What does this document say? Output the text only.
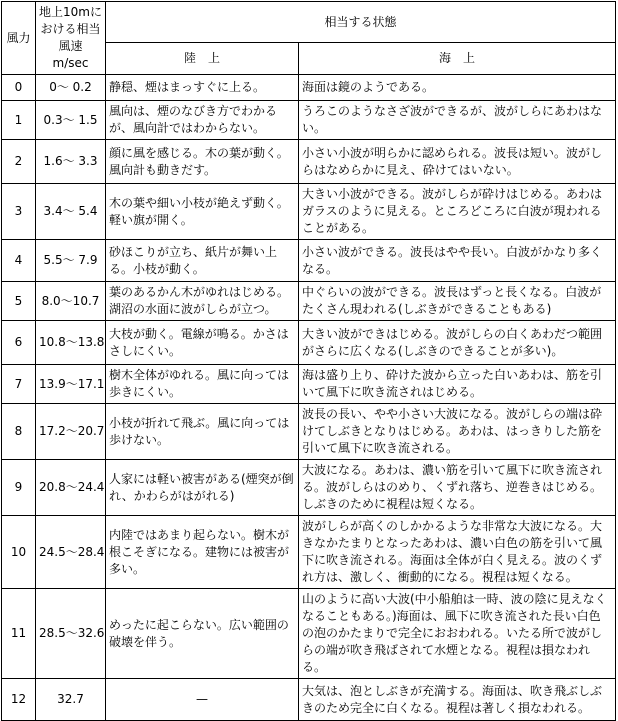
風力	地上10mにおける相当風速
m/sec	相当する状態	
		陸　上	海　上
0	0〜 0.2	静穏、煙はまっすぐに上る。	海面は鏡のようである。
1	0.3〜 1.5	風向は、煙のなびき方でわかるが、風向計ではわからない。	うろこのようなさざ波ができるが、波がしらにあわはない。
2	1.6〜 3.3	顔に風を感じる。木の葉が動く。風向計も動きだす。	小さい小波が明らかに認められる。波長は短い。波がしらはなめらかに見え、砕けてはいない。
3	3.4〜 5.4	木の葉や細い小枝が絶えず動く。軽い旗が開く。	大きい小波ができる。波がしらが砕けはじめる。あわはガラスのように見える。ところどころに白波が現われることがある。
4	5.5〜 7.9	砂ほこりが立ち、紙片が舞い上る。小枝が動く。	小さい波ができる。波長はやや長い。白波がかなり多くなる。
5	8.0〜10.7	葉のあるかん木がゆれはじめる。湖沼の水面に波がしらが立つ。	中ぐらいの波ができる。波長はずっと長くなる。白波がたくさん現われる(しぶきができることもある)
6	10.8〜13.8	大枝が動く。電線が鳴る。かさはさしにくい。	大きい波ができはじめる。波がしらの白くあわだつ範囲がさらに広くなる(しぶきのできることが多い)。
7	13.9〜17.1	樹木全体がゆれる。風に向っては歩きにくい。	海は盛り上り、砕けた波から立った白いあわは、筋を引いて風下に吹き流されはじめる。
8	17.2〜20.7	小枝が折れて飛ぶ。風に向っては歩けない。	波長の長い、やや小さい大波になる。波がしらの端は砕けてしぶきとなりはじめる。あわは、はっきりした筋を引いて風下に吹き流される。
9	20.8〜24.4	人家には軽い被害がある(煙突が倒れ、かわらがはがれる)	大波になる。あわは、濃い筋を引いて風下に吹き流される。波がしらはのめり、くずれ落ち、逆巻きはじめる。しぶきのために視程は短くなる。
10	24.5〜28.4	内陸ではあまり起らない。樹木が根こそぎになる。建物には被害が多い。	波がしらが高くのしかかるような非常な大波になる。大きなかたまりとなったあわは、濃い白色の筋を引いて風下に吹き流される。海面は全体が白く見える。波のくずれ方は、激しく、衝動的になる。視程は短くなる。
11	28.5〜32.6	めったに起こらない。広い範囲の破壊を伴う。	山のように高い大波(中小船舶は一時、波の陰に見えなくなることもある。)海面は、風下に吹き流された長い白色の泡のかたまりで完全におおわれる。いたる所で波がしらの端が吹き飛ばされて水煙となる。視程は損なわれる。
12	32.7	—	大気は、泡としぶきが充満する。海面は、吹き飛ぶしぶきのため完全に白くなる。視程は著しく損なわれる。
